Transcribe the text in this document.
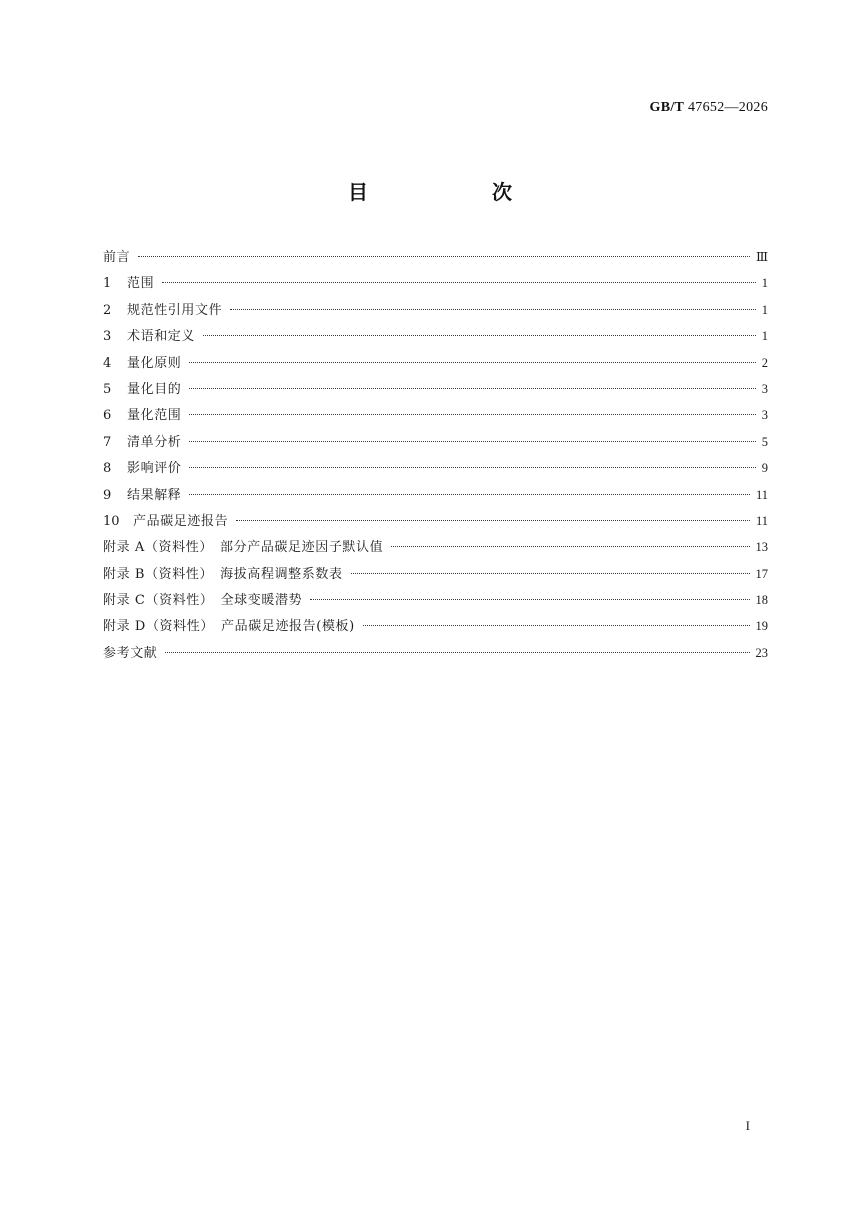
GB/T 47652—2026
目　次
前言	Ⅲ
1	范围	1
2	规范性引用文件	1
3	术语和定义	1
4	量化原则	2
5	量化目的	3
6	量化范围	3
7	清单分析	5
8	影响评价	9
9	结果解释	11
10	产品碳足迹报告	11
附录 A（资料性）　部分产品碳足迹因子默认值	13
附录 B（资料性）　海拔高程调整系数表	17
附录 C（资料性）　全球变暖潜势	18
附录 D（资料性）　产品碳足迹报告(模板)	19
参考文献	23
I
